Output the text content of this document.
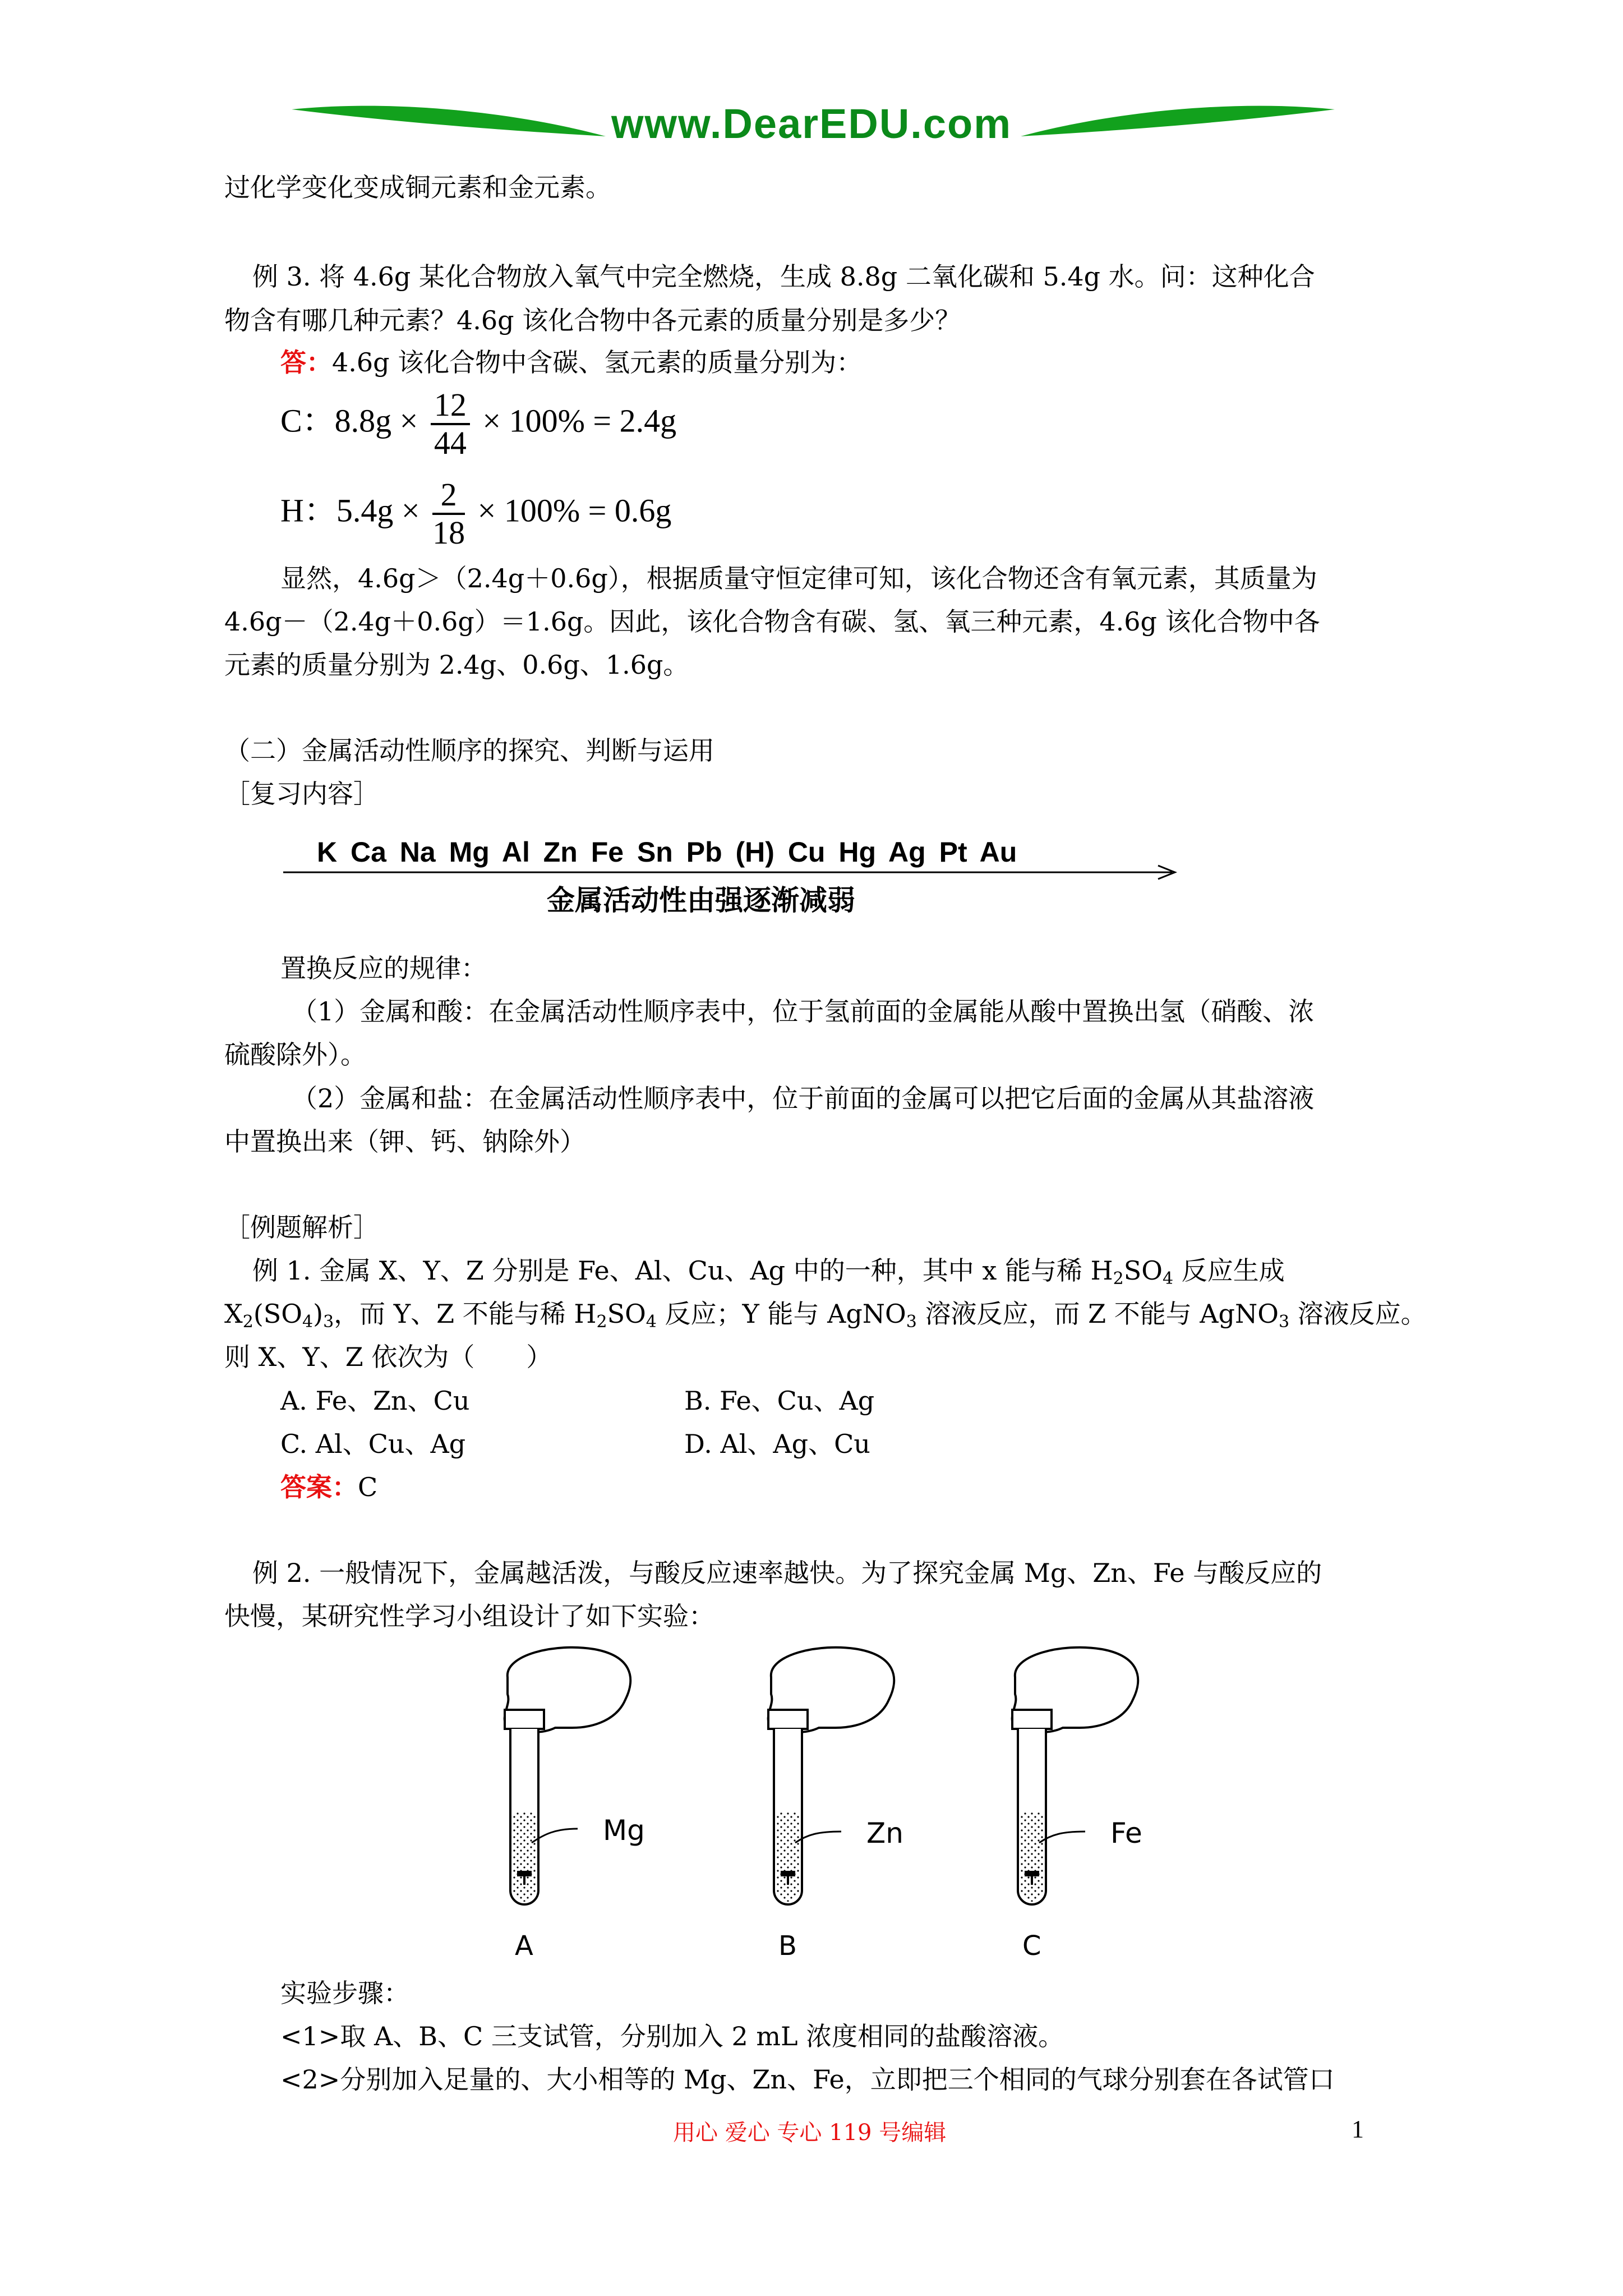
www.DearEDU.com
过化学变化变成铜元素和金元素。
例 3. 将 4.6g 某化合物放入氧气中完全燃烧，生成 8.8g 二氧化碳和 5.4g 水。问：这种化合
物含有哪几种元素？4.6g 该化合物中各元素的质量分别是多少？
答：4.6g 该化合物中含碳、氢元素的质量分别为：
C：$8.8g \times \frac{12}{44} \times 100\% = 2.4g$
H：$5.4g \times \frac{2}{18} \times 100\% = 0.6g$
显然，4.6g＞（2.4g＋0.6g），根据质量守恒定律可知，该化合物还含有氧元素，其质量为
4.6g－（2.4g＋0.6g）＝1.6g。因此，该化合物含有碳、氢、氧三种元素，4.6g 该化合物中各
元素的质量分别为 2.4g、0.6g、1.6g。
（二）金属活动性顺序的探究、判断与运用
［复习内容］
K Ca Na Mg Al Zn Fe Sn Pb (H) Cu Hg Ag Pt Au
金属活动性由强逐渐减弱
置换反应的规律：
（1）金属和酸：在金属活动性顺序表中，位于氢前面的金属能从酸中置换出氢（硝酸、浓
硫酸除外）。
（2）金属和盐：在金属活动性顺序表中，位于前面的金属可以把它后面的金属从其盐溶液
中置换出来（钾、钙、钠除外）
［例题解析］
例 1. 金属 X、Y、Z 分别是 Fe、Al、Cu、Ag 中的一种，其中 x 能与稀 $H_2SO_4$ 反应生成
$X_2(SO_4)_3$，而 Y、Z 不能与稀 $H_2SO_4$ 反应；Y 能与 AgNO$_3$ 溶液反应，而 Z 不能与 AgNO$_3$ 溶液反应。
则 X、Y、Z 依次为（　　）
A. Fe、Zn、Cu	B. Fe、Cu、Ag
C. Al、Cu、Ag	D. Al、Ag、Cu
答案：C
例 2. 一般情况下，金属越活泼，与酸反应速率越快。为了探究金属 Mg、Zn、Fe 与酸反应的
快慢，某研究性学习小组设计了如下实验：
Mg	Zn	Fe
A	B	C
实验步骤：
<1>取 A、B、C 三支试管，分别加入 2 mL 浓度相同的盐酸溶液。
<2>分别加入足量的、大小相等的 Mg、Zn、Fe，立即把三个相同的气球分别套在各试管口
用心 爱心 专心 119 号编辑	1
